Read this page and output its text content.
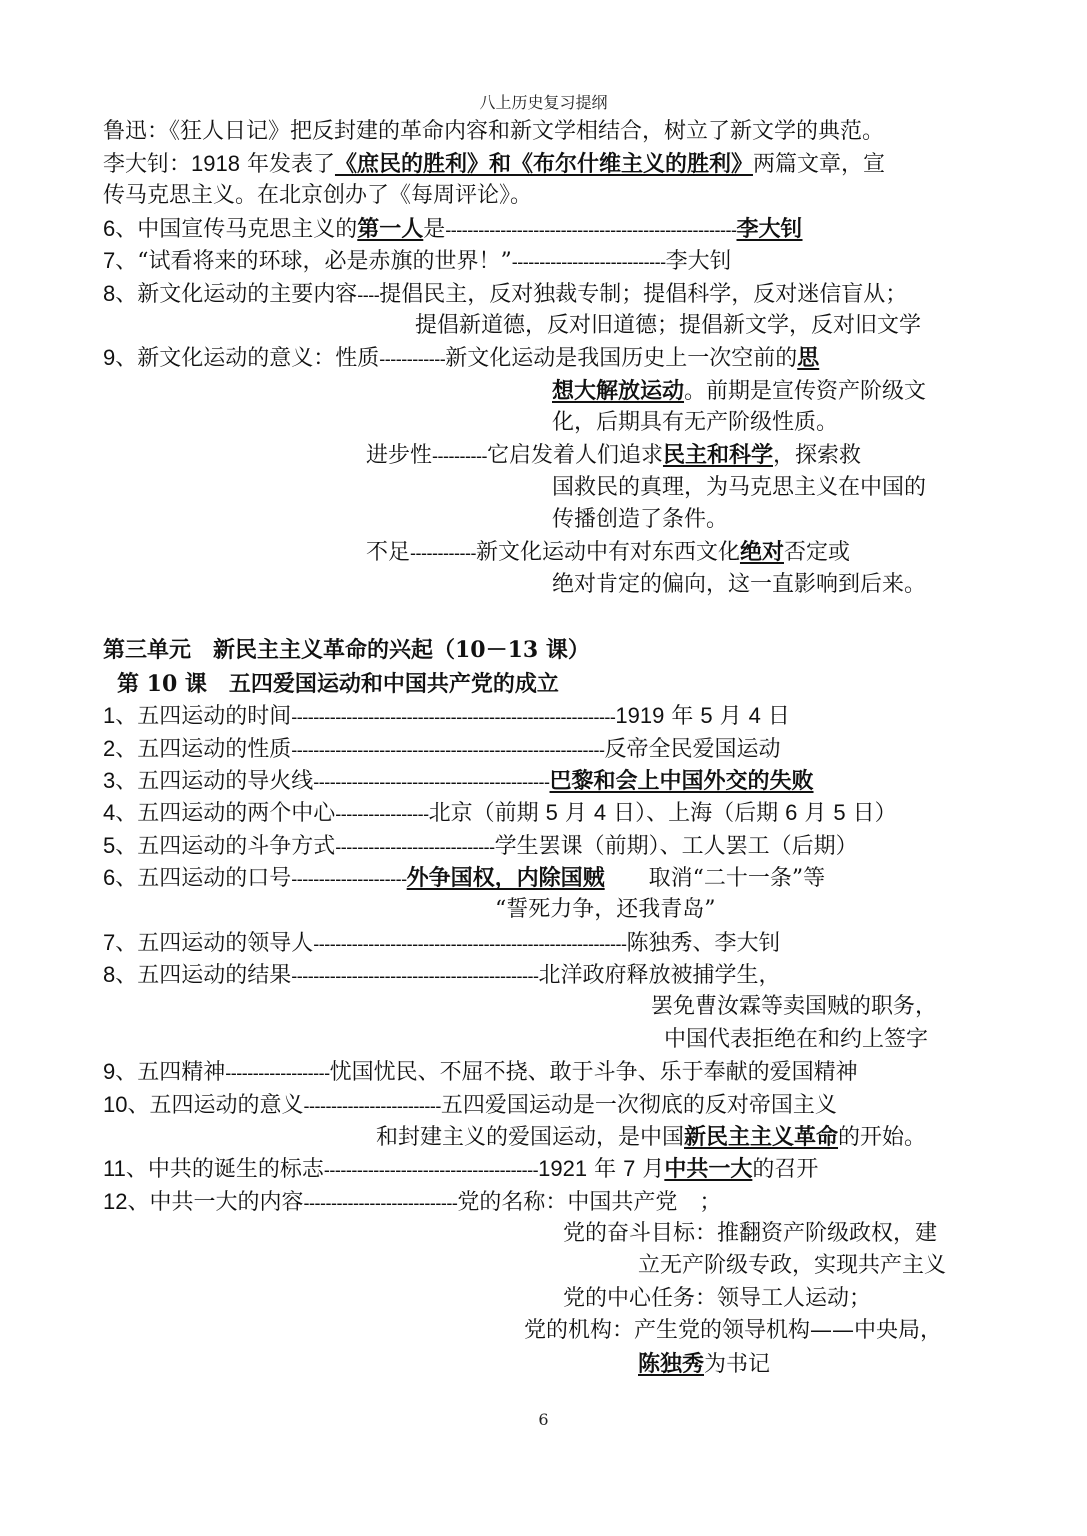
八上历史复习提纲
鲁迅：《狂人日记》把反封建的革命内容和新文学相结合，树立了新文学的典范。
李大钊：1918 年发表了《庶民的胜利》和《布尔什维主义的胜利》两篇文章，宣
传马克思主义。在北京创办了《每周评论》。
6、中国宣传马克思主义的第一人是-----------------------------------------------------李大钊
7、“试看将来的环球，必是赤旗的世界！”----------------------------李大钊
8、新文化运动的主要内容----提倡民主，反对独裁专制；提倡科学，反对迷信盲从；
提倡新道德，反对旧道德；提倡新文学，反对旧文学
9、新文化运动的意义：性质------------新文化运动是我国历史上一次空前的思
想大解放运动。前期是宣传资产阶级文
化，后期具有无产阶级性质。
进步性----------它启发着人们追求民主和科学，探索救
国救民的真理，为马克思主义在中国的
传播创造了条件。
不足------------新文化运动中有对东西文化绝对否定或
绝对肯定的偏向，这一直影响到后来。
第三单元　新民主主义革命的兴起（10－13 课）
第 10 课　五四爱国运动和中国共产党的成立
1、五四运动的时间-----------------------------------------------------------1919 年 5 月 4 日
2、五四运动的性质---------------------------------------------------------反帝全民爱国运动
3、五四运动的导火线-------------------------------------------巴黎和会上中国外交的失败
4、五四运动的两个中心-----------------北京（前期 5 月 4 日）、上海（后期 6 月 5 日）
5、五四运动的斗争方式-----------------------------学生罢课（前期）、工人罢工（后期）
6、五四运动的口号---------------------外争国权，内除国贼　　取消“二十一条”等
“誓死力争，还我青岛”
7、五四运动的领导人---------------------------------------------------------陈独秀、李大钊
8、五四运动的结果---------------------------------------------北洋政府释放被捕学生，
罢免曹汝霖等卖国贼的职务，
中国代表拒绝在和约上签字
9、五四精神-------------------忧国忧民、不屈不挠、敢于斗争、乐于奉献的爱国精神
10、五四运动的意义-------------------------五四爱国运动是一次彻底的反对帝国主义
和封建主义的爱国运动，是中国新民主主义革命的开始。
11、中共的诞生的标志---------------------------------------1921 年 7 月中共一大的召开
12、中共一大的内容----------------------------党的名称：中国共产党　；
党的奋斗目标：推翻资产阶级政权，建
立无产阶级专政，实现共产主义
党的中心任务：领导工人运动；
党的机构：产生党的领导机构——中央局，
陈独秀为书记
6
